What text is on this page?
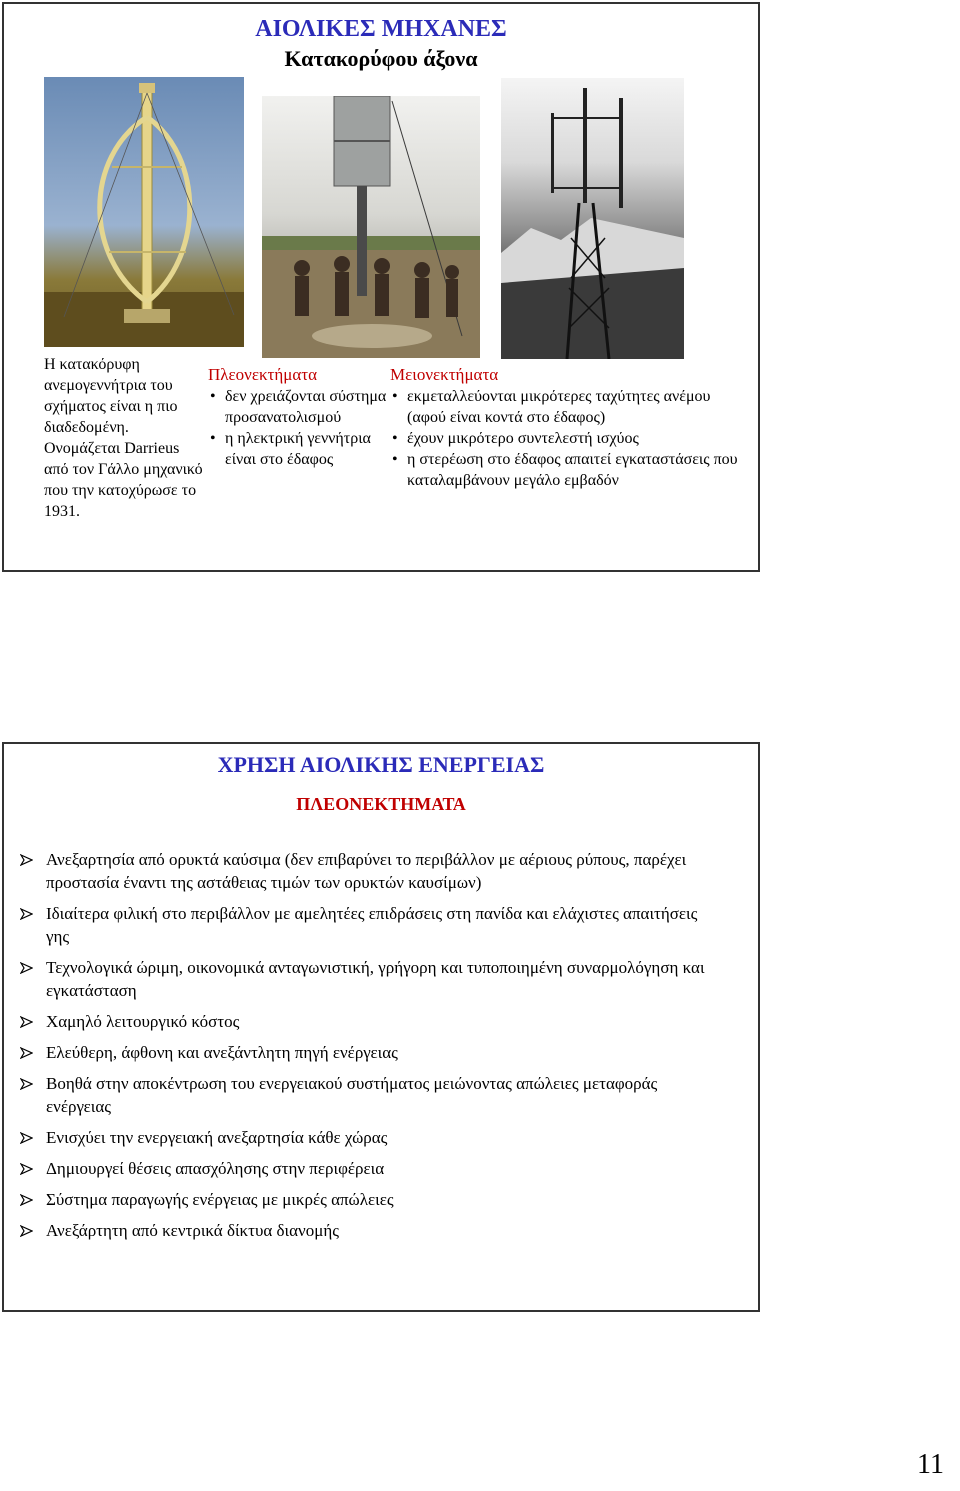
ΑΙΟΛΙΚΕΣ ΜΗΧΑΝΕΣ
Κατακορύφου άξονα
Η κατακόρυφη ανεμογεννήτρια του σχήματος είναι η πιο διαδεδομένη. Ονομάζεται Darrieus από τον Γάλλο μηχανικό που την κατοχύρωσε το 1931.
Πλεονεκτήματα
• δεν χρειάζονται σύστημα προσανατολισμού
• η ηλεκτρική γεννήτρια είναι στο έδαφος
Μειονεκτήματα
• εκμεταλλεύονται μικρότερες ταχύτητες ανέμου (αφού είναι κοντά στο έδαφος)
• έχουν μικρότερο συντελεστή ισχύος
• η στερέωση στο έδαφος απαιτεί εγκαταστάσεις που καταλαμβάνουν μεγάλο εμβαδόν
ΧΡΗΣΗ ΑΙΟΛΙΚΗΣ ΕΝΕΡΓΕΙΑΣ
ΠΛΕΟΝΕΚΤΗΜΑΤΑ
Ανεξαρτησία από ορυκτά καύσιμα (δεν επιβαρύνει το περιβάλλον με αέριους ρύπους, παρέχει προστασία έναντι της αστάθειας τιμών των ορυκτών καυσίμων)
Ιδιαίτερα φιλική στο περιβάλλον με αμελητέες επιδράσεις στη πανίδα και ελάχιστες απαιτήσεις γης
Τεχνολογικά ώριμη, οικονομικά ανταγωνιστική, γρήγορη και τυποποιημένη συναρμολόγηση και εγκατάσταση
Χαμηλό λειτουργικό κόστος
Ελεύθερη, άφθονη και ανεξάντλητη πηγή ενέργειας
Βοηθά στην αποκέντρωση του ενεργειακού συστήματος μειώνοντας απώλειες μεταφοράς ενέργειας
Ενισχύει την ενεργειακή ανεξαρτησία κάθε χώρας
Δημιουργεί θέσεις απασχόλησης στην περιφέρεια
Σύστημα παραγωγής ενέργειας με μικρές απώλειες
Ανεξάρτητη από κεντρικά δίκτυα διανομής
11
